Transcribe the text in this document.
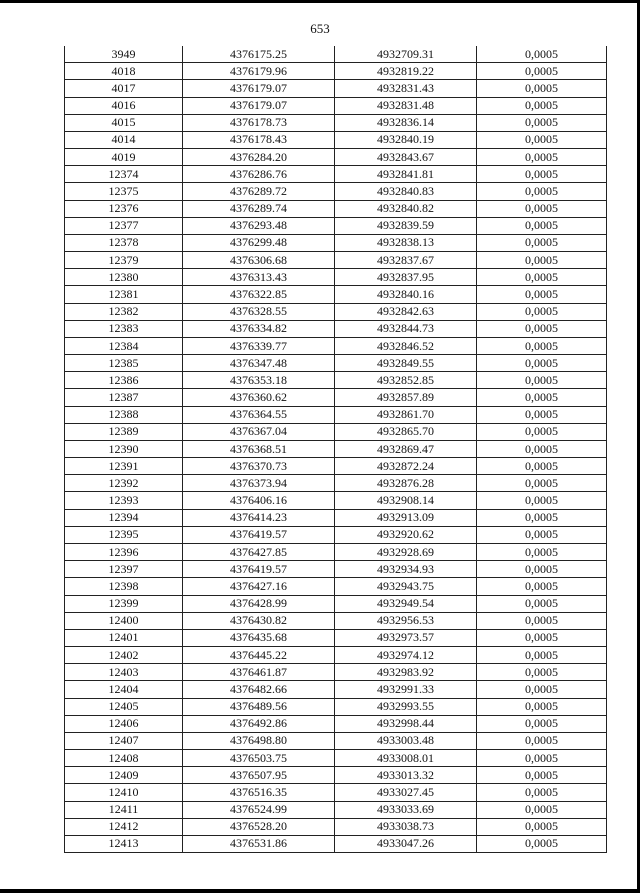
653
3949	4376175.25	4932709.31	0,0005
4018	4376179.96	4932819.22	0,0005
4017	4376179.07	4932831.43	0,0005
4016	4376179.07	4932831.48	0,0005
4015	4376178.73	4932836.14	0,0005
4014	4376178.43	4932840.19	0,0005
4019	4376284.20	4932843.67	0,0005
12374	4376286.76	4932841.81	0,0005
12375	4376289.72	4932840.83	0,0005
12376	4376289.74	4932840.82	0,0005
12377	4376293.48	4932839.59	0,0005
12378	4376299.48	4932838.13	0,0005
12379	4376306.68	4932837.67	0,0005
12380	4376313.43	4932837.95	0,0005
12381	4376322.85	4932840.16	0,0005
12382	4376328.55	4932842.63	0,0005
12383	4376334.82	4932844.73	0,0005
12384	4376339.77	4932846.52	0,0005
12385	4376347.48	4932849.55	0,0005
12386	4376353.18	4932852.85	0,0005
12387	4376360.62	4932857.89	0,0005
12388	4376364.55	4932861.70	0,0005
12389	4376367.04	4932865.70	0,0005
12390	4376368.51	4932869.47	0,0005
12391	4376370.73	4932872.24	0,0005
12392	4376373.94	4932876.28	0,0005
12393	4376406.16	4932908.14	0,0005
12394	4376414.23	4932913.09	0,0005
12395	4376419.57	4932920.62	0,0005
12396	4376427.85	4932928.69	0,0005
12397	4376419.57	4932934.93	0,0005
12398	4376427.16	4932943.75	0,0005
12399	4376428.99	4932949.54	0,0005
12400	4376430.82	4932956.53	0,0005
12401	4376435.68	4932973.57	0,0005
12402	4376445.22	4932974.12	0,0005
12403	4376461.87	4932983.92	0,0005
12404	4376482.66	4932991.33	0,0005
12405	4376489.56	4932993.55	0,0005
12406	4376492.86	4932998.44	0,0005
12407	4376498.80	4933003.48	0,0005
12408	4376503.75	4933008.01	0,0005
12409	4376507.95	4933013.32	0,0005
12410	4376516.35	4933027.45	0,0005
12411	4376524.99	4933033.69	0,0005
12412	4376528.20	4933038.73	0,0005
12413	4376531.86	4933047.26	0,0005
